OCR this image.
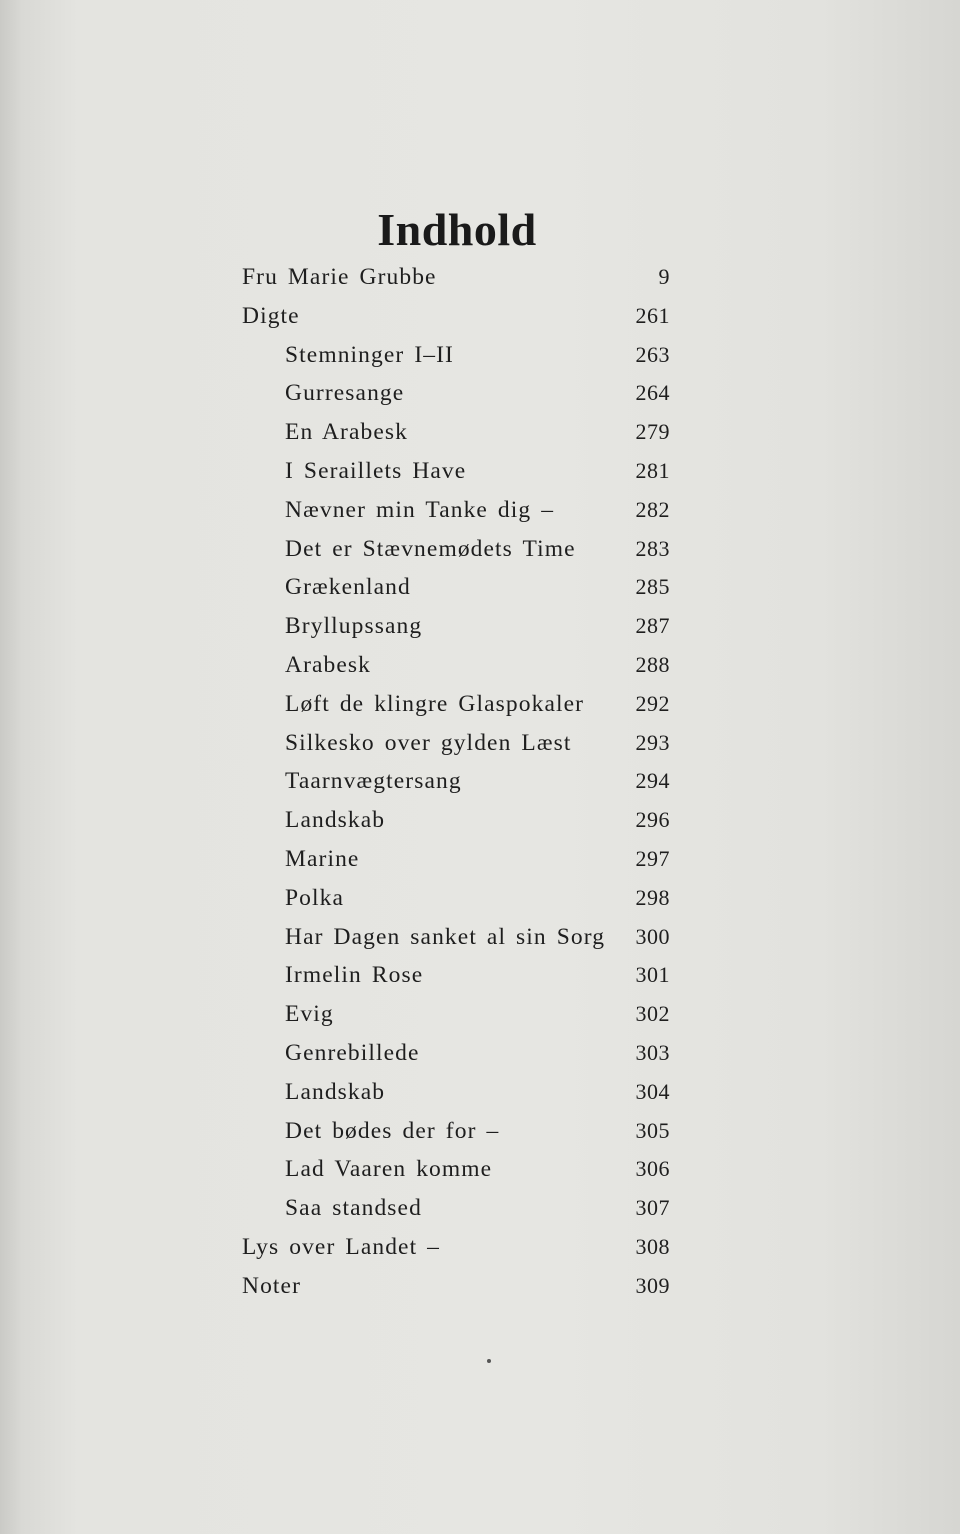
Indhold
Fru Marie Grubbe	9
Digte	261
Stemninger I–II	263
Gurresange	264
En Arabesk	279
I Seraillets Have	281
Nævner min Tanke dig –	282
Det er Stævnemødets Time	283
Grækenland	285
Bryllupssang	287
Arabesk	288
Løft de klingre Glaspokaler 292
Silkesko over gylden Læst	293
Taarnvægtersang	294
Landskab	296
Marine	297
Polka	298
Har Dagen sanket al sin Sorg 300
Irmelin Rose	301
Evig	302
Genrebillede	303
Landskab	304
Det bødes der for –	305
Lad Vaaren komme	306
Saa standsed	307
Lys over Landet –	308
Noter	309
